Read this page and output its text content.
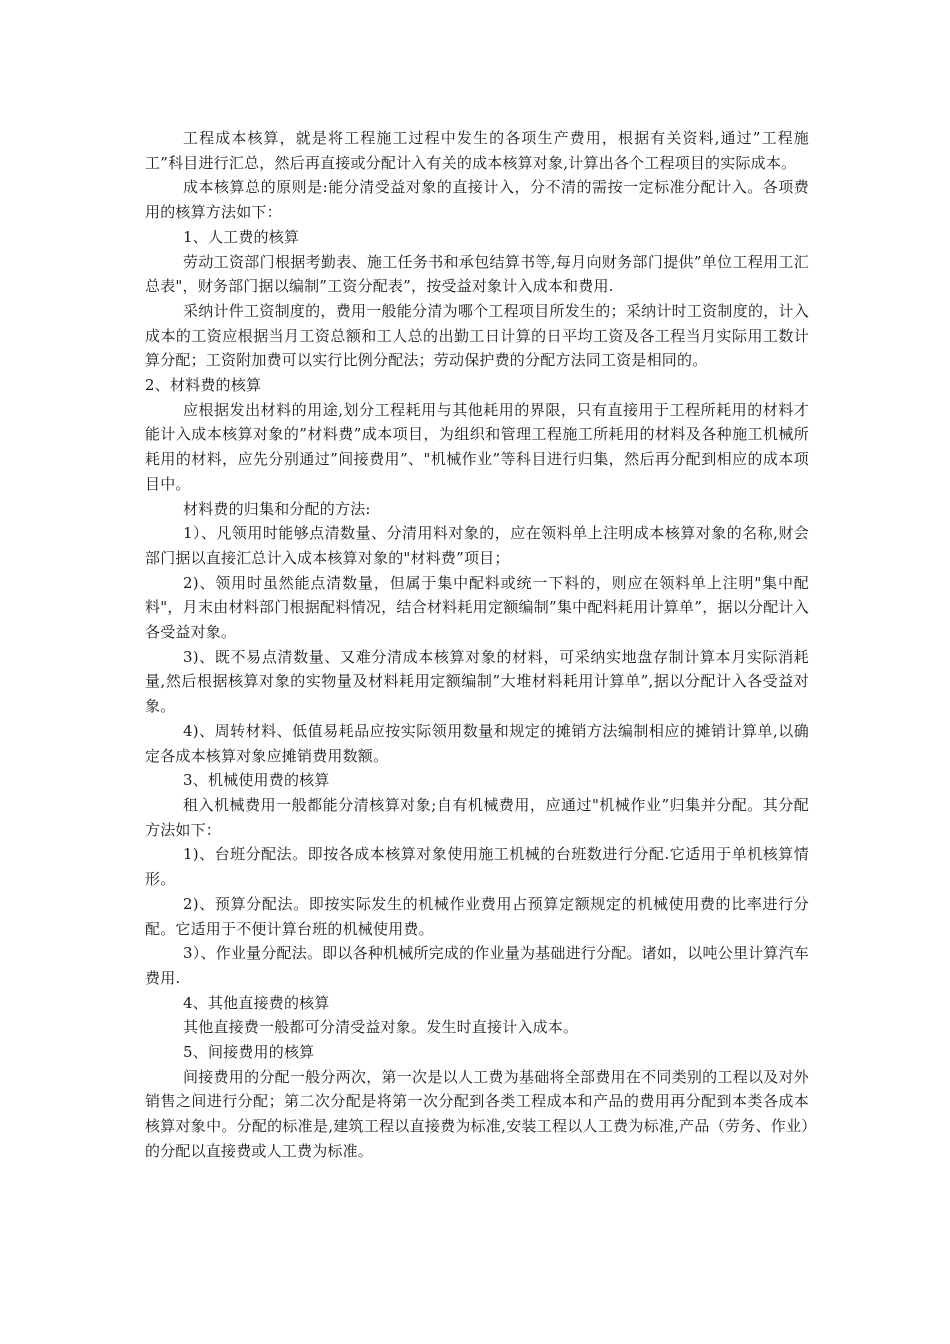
工程成本核算，就是将工程施工过程中发生的各项生产费用，根据有关资料,通过”工程施工”科目进行汇总，然后再直接或分配计入有关的成本核算对象,计算出各个工程项目的实际成本。

成本核算总的原则是:能分清受益对象的直接计入，分不清的需按一定标准分配计入。各项费用的核算方法如下：

1、人工费的核算

劳动工资部门根据考勤表、施工任务书和承包结算书等,每月向财务部门提供”单位工程用工汇总表"，财务部门据以编制”工资分配表”，按受益对象计入成本和费用.

采纳计件工资制度的，费用一般能分清为哪个工程项目所发生的；采纳计时工资制度的，计入成本的工资应根据当月工资总额和工人总的出勤工日计算的日平均工资及各工程当月实际用工数计算分配；工资附加费可以实行比例分配法；劳动保护费的分配方法同工资是相同的。

2、材料费的核算

应根据发出材料的用途,划分工程耗用与其他耗用的界限，只有直接用于工程所耗用的材料才能计入成本核算对象的”材料费”成本项目，为组织和管理工程施工所耗用的材料及各种施工机械所耗用的材料，应先分别通过”间接费用”、"机械作业”等科目进行归集，然后再分配到相应的成本项目中。

材料费的归集和分配的方法:

1）、凡领用时能够点清数量、分清用料对象的，应在领料单上注明成本核算对象的名称,财会部门据以直接汇总计入成本核算对象的"材料费”项目；

2)、领用时虽然能点清数量，但属于集中配料或统一下料的，则应在领料单上注明"集中配料"，月末由材料部门根据配料情况，结合材料耗用定额编制”集中配料耗用计算单”，据以分配计入各受益对象。

3)、既不易点清数量、又难分清成本核算对象的材料，可采纳实地盘存制计算本月实际消耗量,然后根据核算对象的实物量及材料耗用定额编制”大堆材料耗用计算单”,据以分配计入各受益对象。

4)、周转材料、低值易耗品应按实际领用数量和规定的摊销方法编制相应的摊销计算单,以确定各成本核算对象应摊销费用数额。

3、机械使用费的核算

租入机械费用一般都能分清核算对象;自有机械费用，应通过"机械作业”归集并分配。其分配方法如下：

1)、台班分配法。即按各成本核算对象使用施工机械的台班数进行分配.它适用于单机核算情形。

2)、预算分配法。即按实际发生的机械作业费用占预算定额规定的机械使用费的比率进行分配。它适用于不便计算台班的机械使用费。

3）、作业量分配法。即以各种机械所完成的作业量为基础进行分配。诸如，以吨公里计算汽车费用.

4、其他直接费的核算

其他直接费一般都可分清受益对象。发生时直接计入成本。

5、间接费用的核算

间接费用的分配一般分两次，第一次是以人工费为基础将全部费用在不同类别的工程以及对外销售之间进行分配；第二次分配是将第一次分配到各类工程成本和产品的费用再分配到本类各成本核算对象中。分配的标准是,建筑工程以直接费为标准,安装工程以人工费为标准,产品（劳务、作业）的分配以直接费或人工费为标准。
